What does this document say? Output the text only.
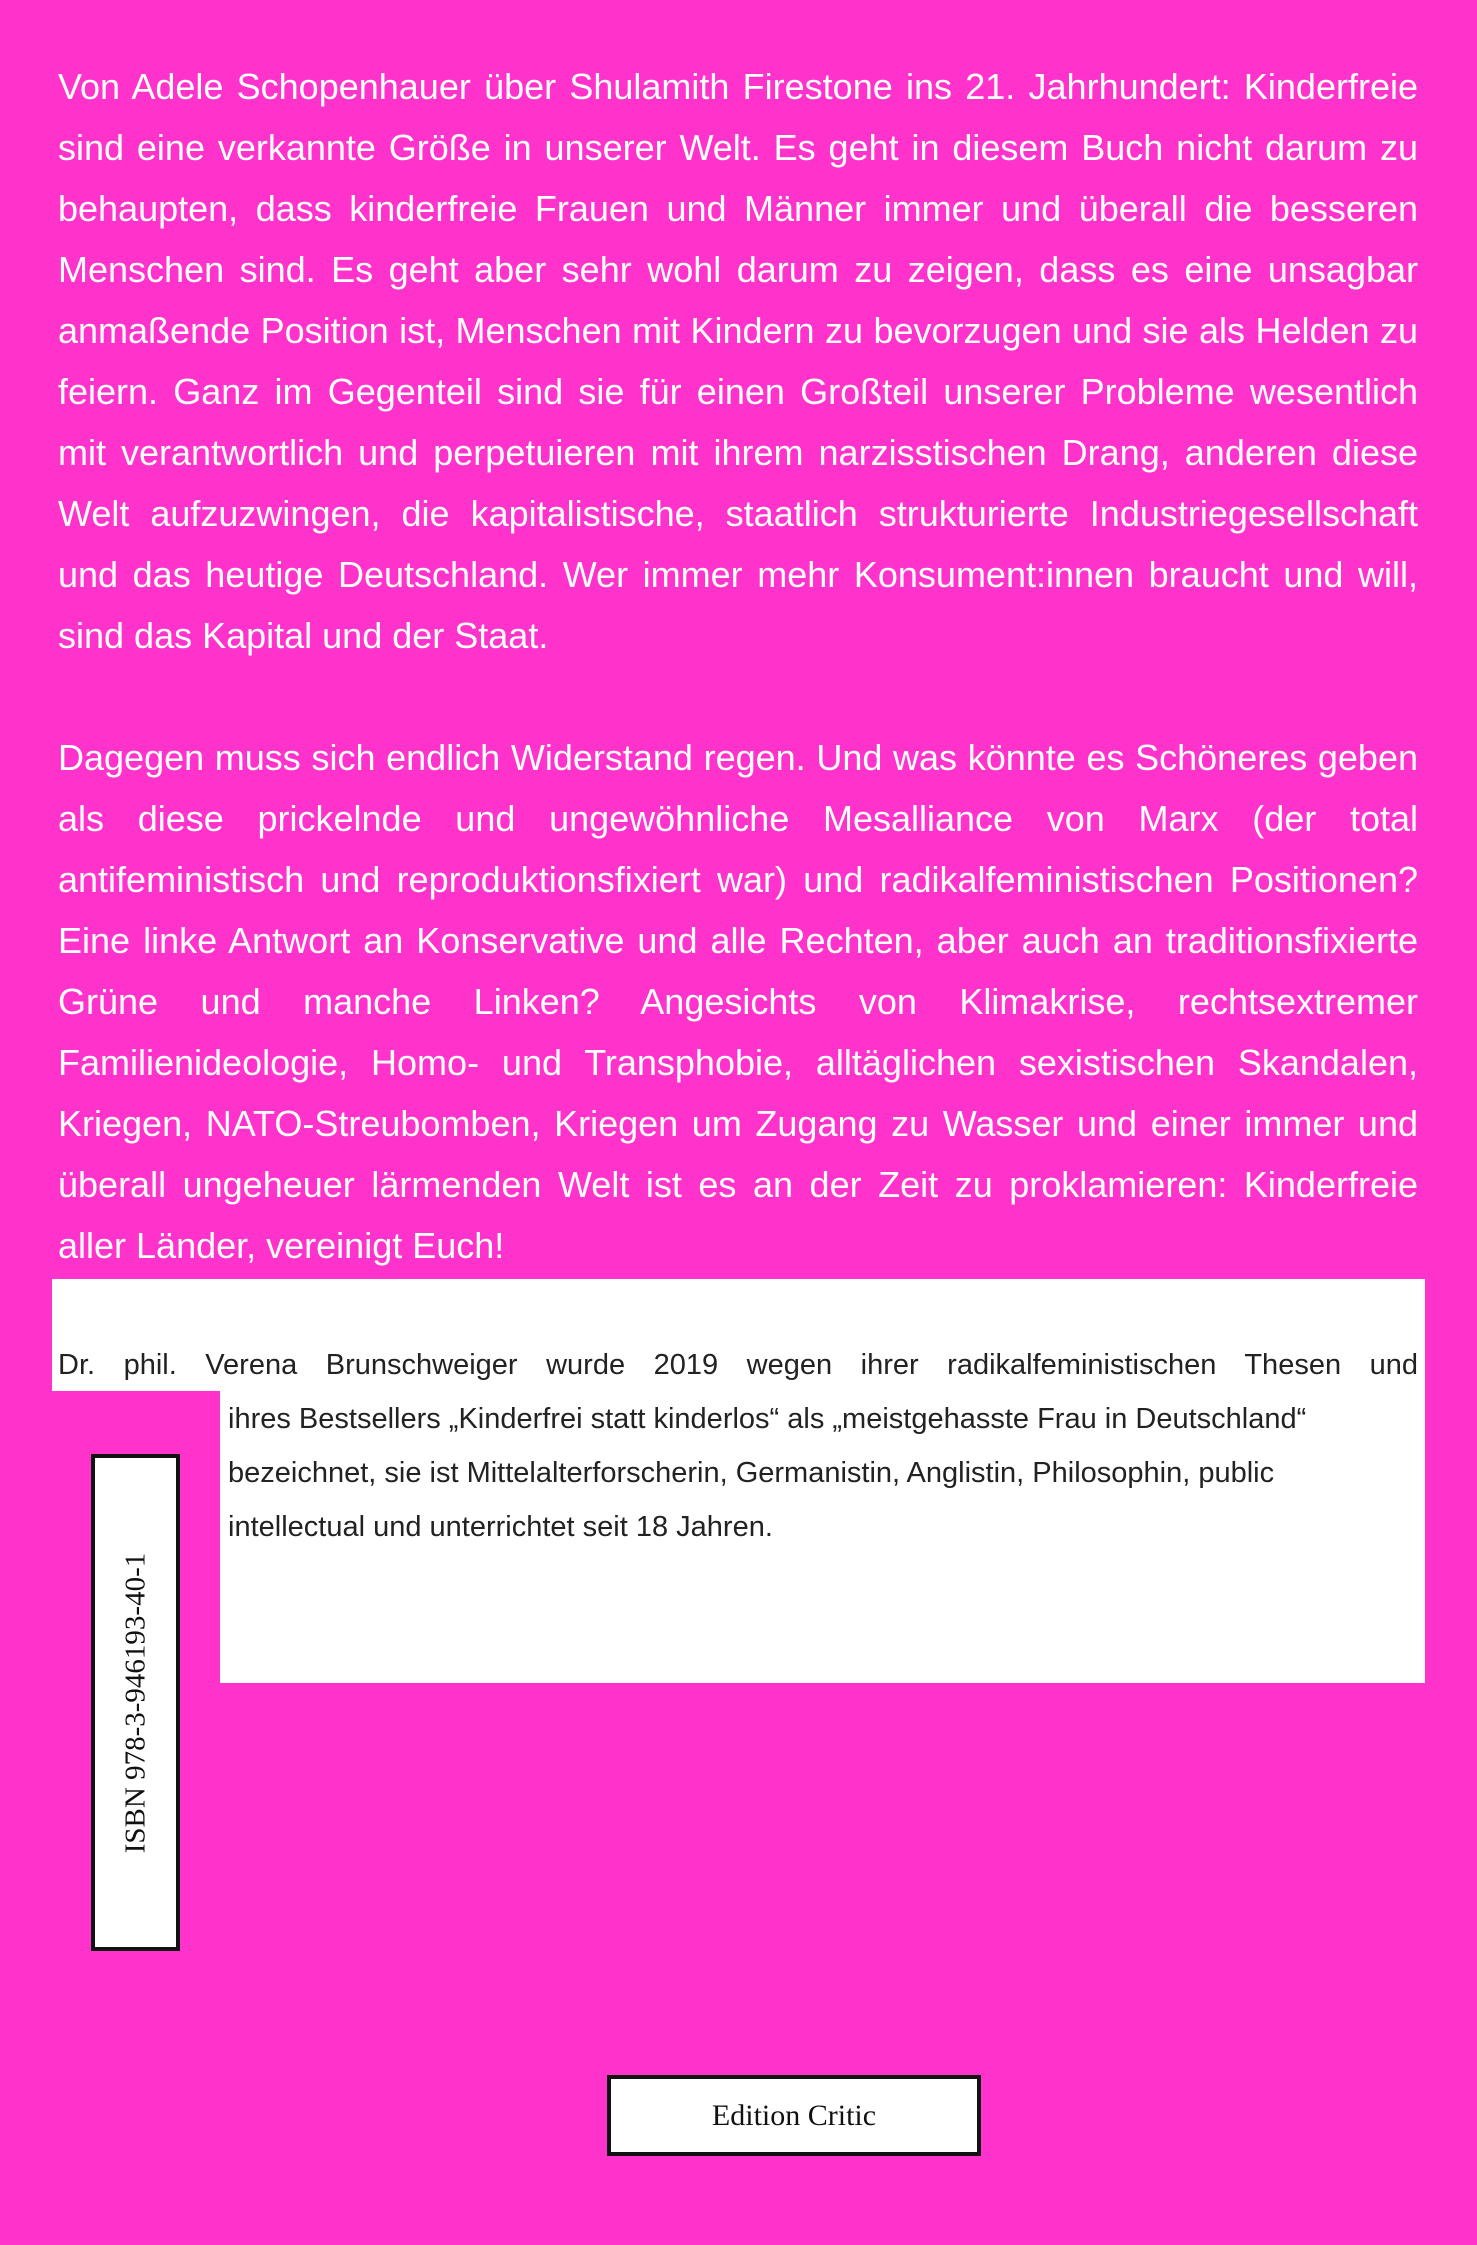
Von Adele Schopenhauer über Shulamith Firestone ins 21. Jahrhundert: Kinderfreie sind eine verkannte Größe in unserer Welt. Es geht in diesem Buch nicht darum zu behaupten, dass kinderfreie Frauen und Männer immer und überall die besseren Menschen sind. Es geht aber sehr wohl darum zu zeigen, dass es eine unsagbar anmaßende Position ist, Menschen mit Kindern zu bevorzugen und sie als Helden zu feiern. Ganz im Gegenteil sind sie für einen Großteil unserer Probleme wesentlich mit verantwortlich und perpetuieren mit ihrem narzisstischen Drang, anderen diese Welt aufzuzwingen, die kapitalistische, staatlich strukturierte Industriegesellschaft und das heutige Deutschland. Wer immer mehr Konsument:innen braucht und will, sind das Kapital und der Staat.

Dagegen muss sich endlich Widerstand regen. Und was könnte es Schöneres geben als diese prickelnde und ungewöhnliche Mesalliance von Marx (der total antifeministisch und reproduktionsfixiert war) und radikalfeministischen Positionen? Eine linke Antwort an Konservative und alle Rechten, aber auch an traditionsfixierte Grüne und manche Linken? Angesichts von Klimakrise, rechtsextremer Familienideologie, Homo- und Transphobie, alltäglichen sexistischen Skandalen, Kriegen, NATO-Streubomben, Kriegen um Zugang zu Wasser und einer immer und überall ungeheuer lärmenden Welt ist es an der Zeit zu proklamieren: Kinderfreie aller Länder, vereinigt Euch!

Dr. phil. Verena Brunschweiger wurde 2019 wegen ihrer radikalfeministischen Thesen und
ihres Bestsellers „Kinderfrei statt kinderlos“ als „meistgehasste Frau in Deutschland“ bezeichnet, sie ist Mittelalterforscherin, Germanistin, Anglistin, Philosophin, public intellectual und unterrichtet seit 18 Jahren.

ISBN 978-3-946193-40-1
Edition Critic
